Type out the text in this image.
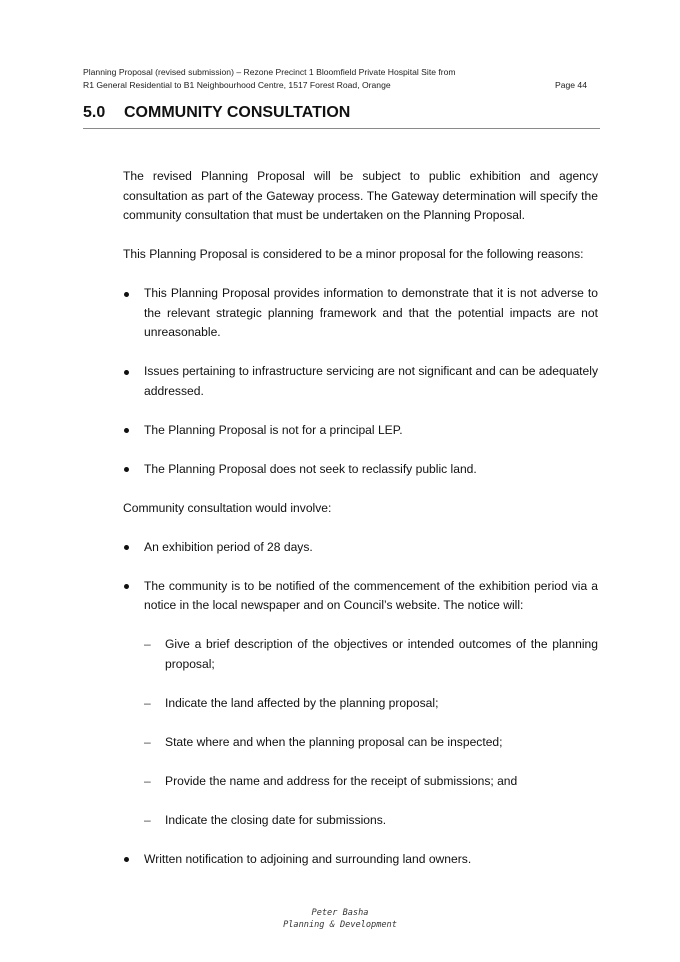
Planning Proposal (revised submission) – Rezone Precinct 1 Bloomfield Private Hospital Site from
R1 General Residential to B1 Neighbourhood Centre, 1517 Forest Road, Orange	Page 44
5.0 COMMUNITY CONSULTATION

The revised Planning Proposal will be subject to public exhibition and agency consultation as part of the Gateway process. The Gateway determination will specify the community consultation that must be undertaken on the Planning Proposal.

This Planning Proposal is considered to be a minor proposal for the following reasons:

This Planning Proposal provides information to demonstrate that it is not adverse to the relevant strategic planning framework and that the potential impacts are not unreasonable.
Issues pertaining to infrastructure servicing are not significant and can be adequately addressed.
The Planning Proposal is not for a principal LEP.
The Planning Proposal does not seek to reclassify public land.

Community consultation would involve:

An exhibition period of 28 days.
The community is to be notified of the commencement of the exhibition period via a notice in the local newspaper and on Council’s website. The notice will:
– Give a brief description of the objectives or intended outcomes of the planning proposal;
– Indicate the land affected by the planning proposal;
– State where and when the planning proposal can be inspected;
– Provide the name and address for the receipt of submissions; and
– Indicate the closing date for submissions.
Written notification to adjoining and surrounding land owners.
Peter Basha
Planning & Development
